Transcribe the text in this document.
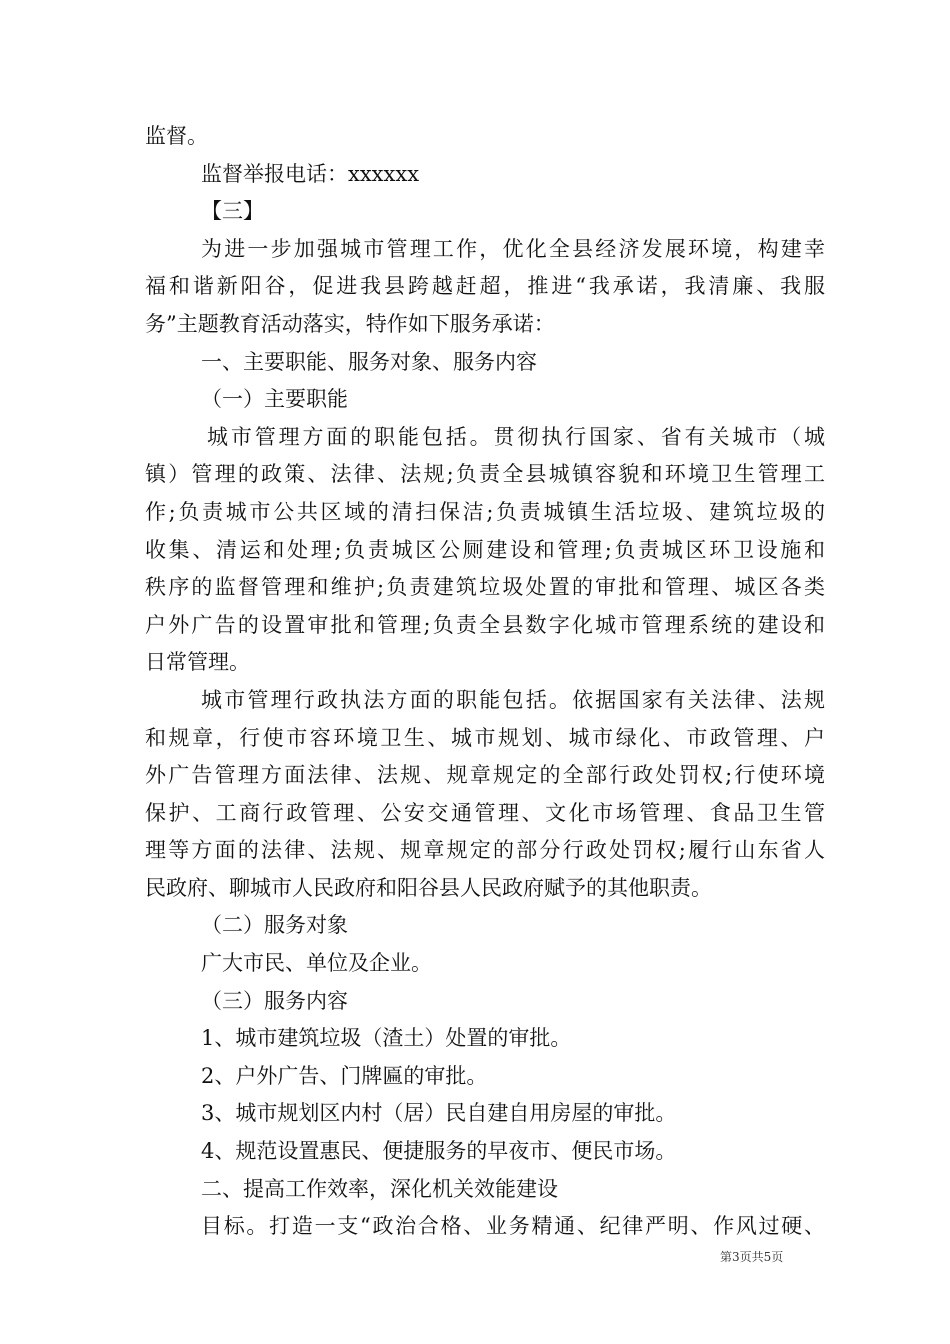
监督。
监督举报电话：xxxxxx
【三】
为进一步加强城市管理工作，优化全县经济发展环境，构建幸
福和谐新阳谷，促进我县跨越赶超，推进“我承诺，我清廉、我服
务”主题教育活动落实，特作如下服务承诺：
一、主要职能、服务对象、服务内容
（一）主要职能
城市管理方面的职能包括。贯彻执行国家、省有关城市（城
镇）管理的政策、法律、法规;负责全县城镇容貌和环境卫生管理工
作;负责城市公共区域的清扫保洁;负责城镇生活垃圾、建筑垃圾的
收集、清运和处理;负责城区公厕建设和管理;负责城区环卫设施和
秩序的监督管理和维护;负责建筑垃圾处置的审批和管理、城区各类
户外广告的设置审批和管理;负责全县数字化城市管理系统的建设和
日常管理。
城市管理行政执法方面的职能包括。依据国家有关法律、法规
和规章，行使市容环境卫生、城市规划、城市绿化、市政管理、户
外广告管理方面法律、法规、规章规定的全部行政处罚权;行使环境
保护、工商行政管理、公安交通管理、文化市场管理、食品卫生管
理等方面的法律、法规、规章规定的部分行政处罚权;履行山东省人
民政府、聊城市人民政府和阳谷县人民政府赋予的其他职责。
（二）服务对象
广大市民、单位及企业。
（三）服务内容
1、城市建筑垃圾（渣土）处置的审批。
2、户外广告、门牌匾的审批。
3、城市规划区内村（居）民自建自用房屋的审批。
4、规范设置惠民、便捷服务的早夜市、便民市场。
二、提高工作效率，深化机关效能建设
目标。打造一支“政治合格、业务精通、纪律严明、作风过硬、
第3页共5页
